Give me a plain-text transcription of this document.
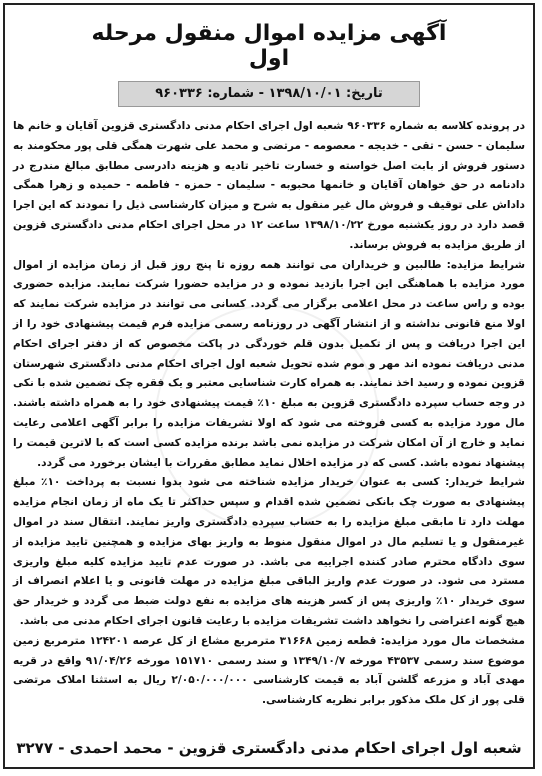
آگهی مزایده اموال منقول مرحله اول
تاریخ: ۱۳۹۸/۱۰/۰۱ - شماره: ۹۶۰۳۳۶

در پرونده کلاسه به شماره ۹۶۰۳۳۶ شعبه اول اجرای احکام مدنی دادگستری قزوین آقایان و خانم ها سلیمان - حسن - تقی - خدیجه - معصومه - مرتضی و محمد علی شهرت همگی قلی پور محکومند به دستور فروش از بابت اصل خواسته و خسارت تاخیر تادیه و هزینه دادرسی مطابق مبالغ مندرج در دادنامه در حق خواهان آقایان و خانمها محبوبه - سلیمان - حمزه - فاطمه - حمیده و زهرا همگی داداش علی توقیف و فروش مال غیر منقول به شرح و میزان کارشناسی ذیل را نمودند که این اجرا قصد دارد در روز یکشنبه مورخ ۱۳۹۸/۱۰/۲۲ ساعت ۱۲ در محل اجرای احکام مدنی دادگستری قزوین از طریق مزایده به فروش برساند.

شرایط مزایده: طالبین و خریداران می توانند همه روزه تا پنج روز قبل از زمان مزایده از اموال مورد مزایده با هماهنگی این اجرا بازدید نموده و در مزایده حضورا شرکت نمایند. مزایده حضوری بوده و راس ساعت در محل اعلامی برگزار می گردد. کسانی می توانند در مزایده شرکت نمایند که اولا منع قانونی نداشته و از انتشار آگهی در روزنامه رسمی مزایده فرم قیمت پیشنهادی خود را از این اجرا دریافت و پس از تکمیل بدون قلم خوردگی در پاکت مخصوص که از دفتر اجرای احکام مدنی دریافت نموده اند مهر و موم شده تحویل شعبه اول اجرای احکام مدنی دادگستری شهرستان قزوین نموده و رسید اخذ نمایند. به همراه کارت شناسایی معتبر و یک فقره چک تضمین شده با نکی در وجه حساب سپرده دادگستری قزوین به مبلغ ۱۰٪ قیمت پیشنهادی خود را به همراه داشته باشند. مال مورد مزایده به کسی فروخته می شود که اولا تشریفات مزایده را برابر آگهی اعلامی رعایت نماید و خارج از آن امکان شرکت در مزایده نمی باشد برنده مزایده کسی است که با لاترین قیمت را پیشنهاد نموده باشد. کسی که در مزایده اخلال نماید مطابق مقررات با ایشان برخورد می گردد.

شرایط خریدار: کسی به عنوان خریدار مزایده شناخته می شود بدوا نسبت به پرداخت ۱۰٪ مبلغ پیشنهادی به صورت چک بانکی تضمین شده اقدام و سپس حداکثر تا یک ماه از زمان انجام مزایده مهلت دارد تا مابقی مبلغ مزایده را به حساب سپرده دادگستری واریز نمایند. انتقال سند در اموال غیرمنقول و یا تسلیم مال در اموال منقول منوط به واریز بهای مزایده و همچنین تایید مزایده از سوی دادگاه محترم صادر کننده اجراییه می باشد. در صورت عدم تایید مزایده کلیه مبلغ واریزی مسترد می شود. در صورت عدم واریز الباقی مبلغ مزایده در مهلت قانونی و یا اعلام انصراف از سوی خریدار ۱۰٪ واریزی پس از کسر هزینه های مزایده به نفع دولت ضبط می گردد و خریدار حق هیچ گونه اعتراضی را نخواهد داشت تشریفات مزایده با رعایت قانون اجرای احکام مدنی می باشد.

مشخصات مال مورد مزایده: قطعه زمین ۳۱۶۶۸ مترمربع مشاع از کل عرصه ۱۲۴۲۰۱ مترمربع زمین موضوع سند رسمی ۴۳۵۳۷ مورخه ۱۳۴۹/۱۰/۷ و سند رسمی ۱۵۱۷۱۰ مورخه ۹۱/۰۴/۲۶ واقع در قریه مهدی آباد و مزرعه گلشن آباد به قیمت کارشناسی ۲/۰۵۰/۰۰۰/۰۰۰ ریال به استثنا املاک مرتضی قلی پور از کل ملک مذکور برابر نظریه کارشناسی.

شعبه اول اجرای احکام مدنی دادگستری قزوین - محمد احمدی - ۳۲۷۷
